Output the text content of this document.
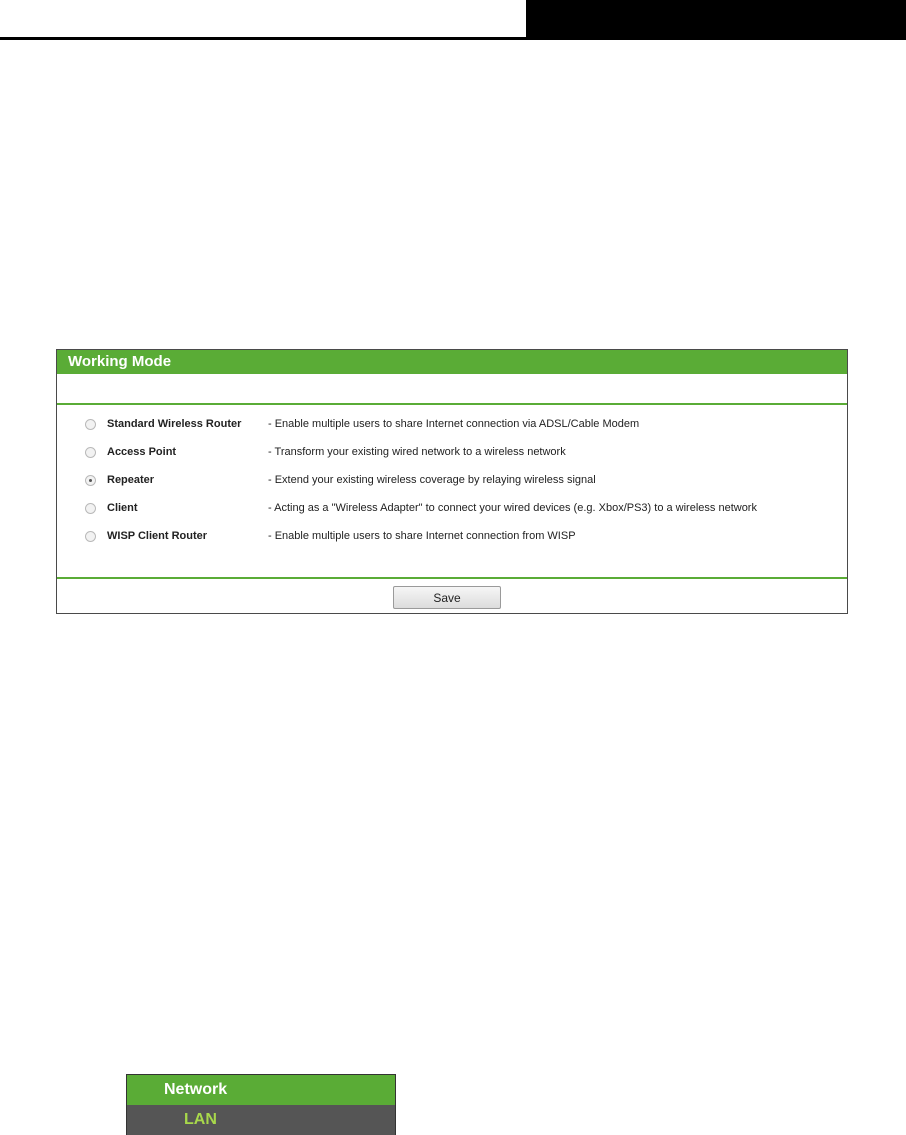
Working Mode
Standard Wireless Router - Enable multiple users to share Internet connection via ADSL/Cable Modem
Access Point	- Transform your existing wired network to a wireless network
Repeater	- Extend your existing wireless coverage by relaying wireless signal
Client	- Acting as a "Wireless Adapter" to connect your wired devices (e.g. Xbox/PS3) to a wireless network
WISP Client Router	- Enable multiple users to share Internet connection from WISP
Save
Network
LAN
